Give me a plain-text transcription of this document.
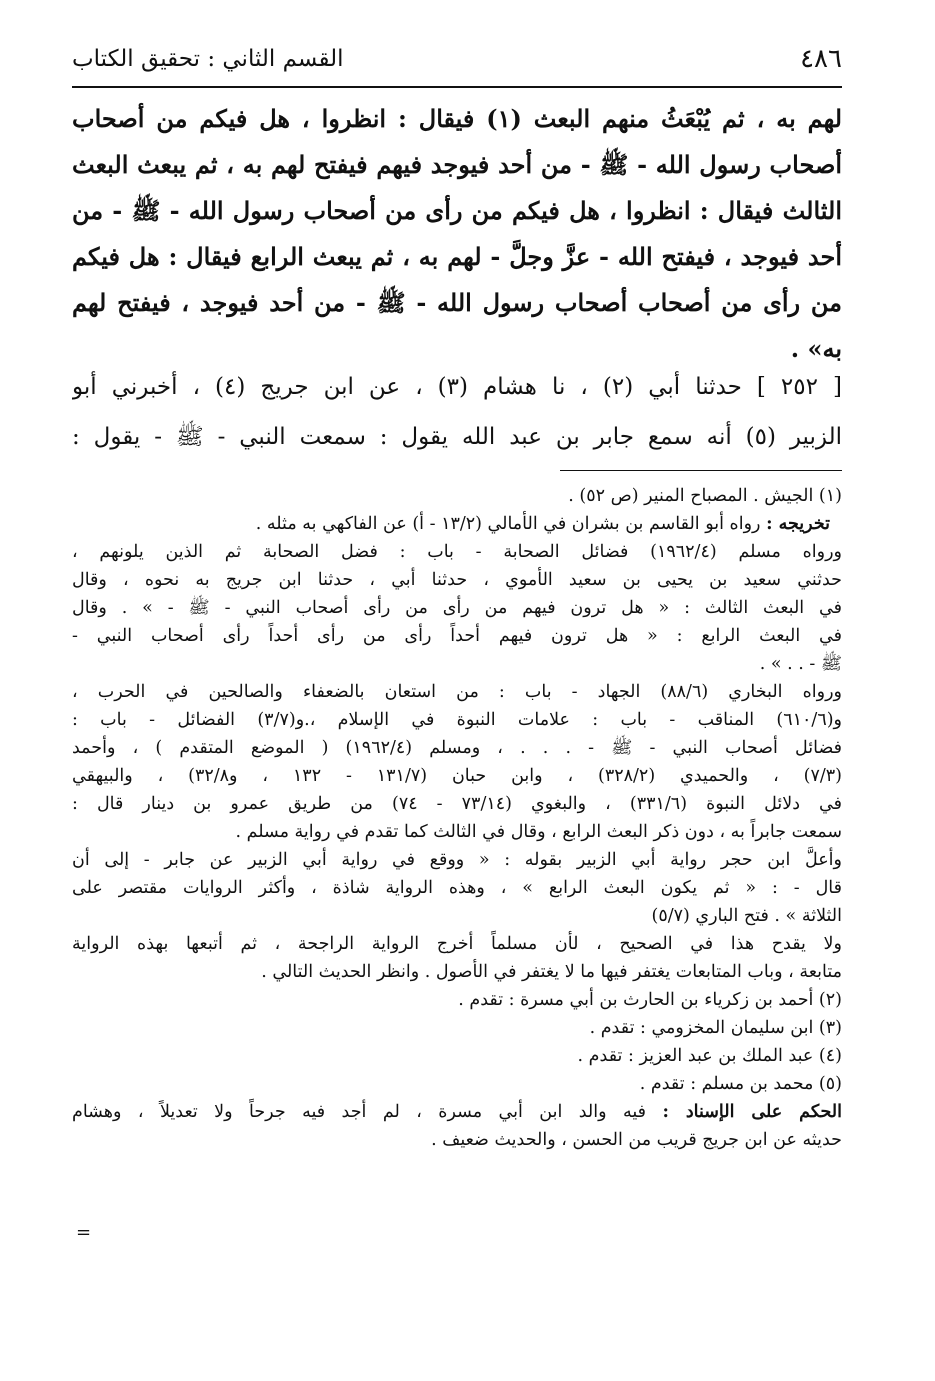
٤٨٦
القسم الثاني : تحقيق الكتاب
لهم به ، ثم يُبْعَثُ منهم البعث (١) فيقال : انظروا ، هل فيكم من أصحاب
أصحاب رسول الله - ﷺ - من أحد فيوجد فيهم فيفتح لهم به ، ثم يبعث البعث
الثالث فيقال : انظروا ، هل فيكم من رأى من أصحاب رسول الله - ﷺ - من
أحد فيوجد ، فيفتح الله - عزَّ وجلَّ - لهم به ، ثم يبعث الرابع فيقال : هل فيكم
من رأى من أصحاب أصحاب رسول الله - ﷺ - من أحد فيوجد ، فيفتح لهم
به» .
[ ٢٥٢ ] حدثنا أبي (٢) ، نا هشام (٣) ، عن ابن جريج (٤) ، أخبرني أبو
الزبير (٥) أنه سمع جابر بن عبد الله يقول : سمعت النبي - ﷺ - يقول :
(١) الجيش . المصباح المنير (ص ٥٢) .
تخريجه : رواه أبو القاسم بن بشران في الأمالي (١٣/٢ - أ) عن الفاكهي به مثله .
ورواه مسلم (١٩٦٢/٤) فضائل الصحابة - باب : فضل الصحابة ثم الذين يلونهم ،
حدثني سعيد بن يحيى بن سعيد الأموي ، حدثنا أبي ، حدثنا ابن جريج به نحوه ، وقال
في البعث الثالث : « هل ترون فيهم من رأى من رأى أصحاب النبي - ﷺ - » . وقال
في البعث الرابع : « هل ترون فيهم أحداً رأى من رأى أحداً رأى أصحاب النبي -
ﷺ - . . » .
ورواه البخاري (٨٨/٦) الجهاد - باب : من استعان بالضعفاء والصالحين في الحرب ،
و(٦١٠/٦) المناقب - باب : علامات النبوة في الإسلام ،.و(٣/٧) الفضائل - باب :
فضائل أصحاب النبي - ﷺ - . . . ، ومسلم (١٩٦٢/٤) ( الموضع المتقدم ) ، وأحمد
(٧/٣) ، والحميدي (٣٢٨/٢) ، وابن حبان (١٣١/٧ - ١٣٢ ، و٣٢/٨) ، والبيهقي
في دلائل النبوة (٣٣١/٦) ، والبغوي (٧٣/١٤ - ٧٤) من طريق عمرو بن دينار قال :
سمعت جابراً به ، دون ذكر البعث الرابع ، وقال في الثالث كما تقدم في رواية مسلم .
وأعلَّ ابن حجر رواية أبي الزبير بقوله : « ووقع في رواية أبي الزبير عن جابر - إلى أن
قال - : « ثم يكون البعث الرابع » ، وهذه الرواية شاذة ، وأكثر الروايات مقتصر على
الثلاثة » . فتح الباري (٥/٧)
ولا يقدح هذا في الصحيح ، لأن مسلماً أخرج الرواية الراجحة ، ثم أتبعها بهذه الرواية
متابعة ، وباب المتابعات يغتفر فيها ما لا يغتفر في الأصول . وانظر الحديث التالي .
(٢) أحمد بن زكرياء بن الحارث بن أبي مسرة : تقدم .
(٣) ابن سليمان المخزومي : تقدم .
(٤) عبد الملك بن عبد العزيز : تقدم .
(٥) محمد بن مسلم : تقدم .
الحكم على الإسناد : فيه والد ابن أبي مسرة ، لم أجد فيه جرحاً ولا تعديلاً ، وهشام
حديثه عن ابن جريج قريب من الحسن ، والحديث ضعيف .
=
